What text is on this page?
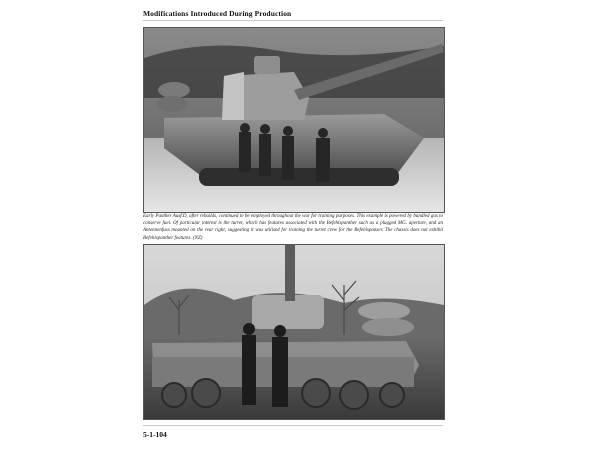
Modifications Introduced During Production
Early Panther Ausf.D, after rebuilds, continued to be employed throughout the war for training purposes. This example is powered by bundled gas to conserve fuel. Of particular interest is the turret, which has features associated with the Befehlspanther such as a plugged MG. aperture, and an Antennenfuss mounted on the rear right, suggesting it was utilised for training the turret crew for the Befehlspanzer. The chassis does not exhibit Befehlspanther features. (NZ)
5-1-104
